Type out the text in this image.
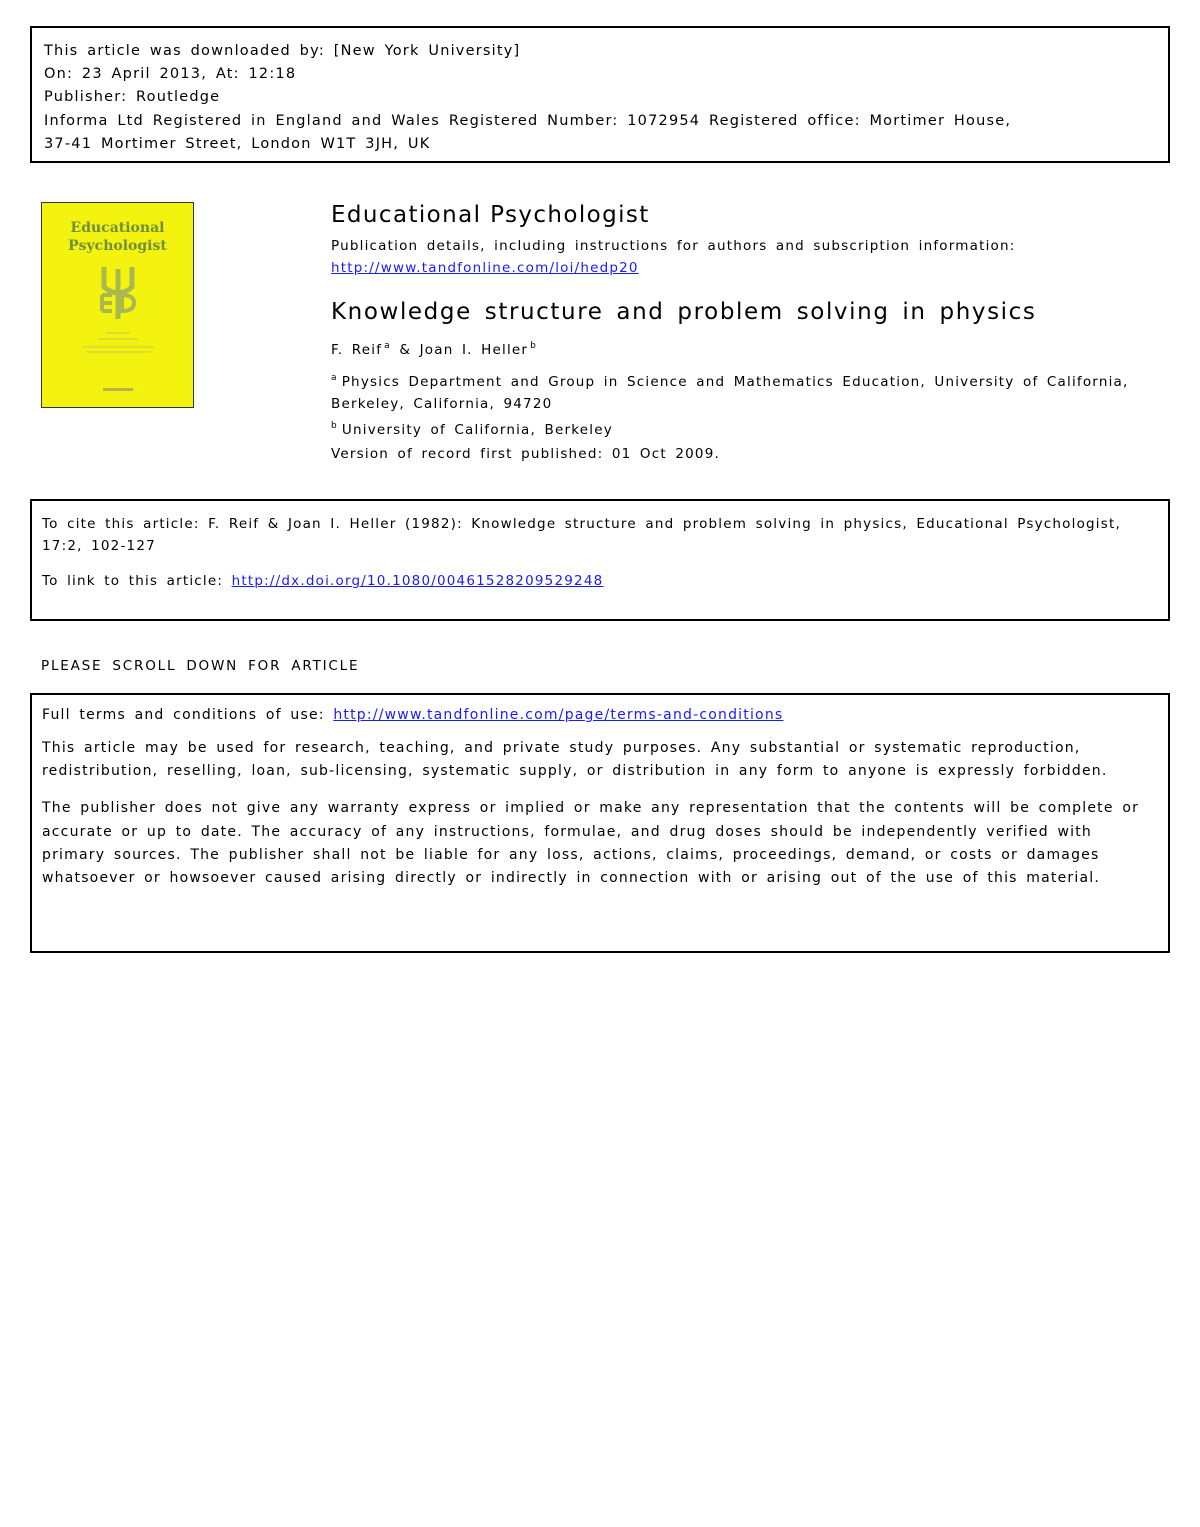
This article was downloaded by: [New York University]
On: 23 April 2013, At: 12:18
Publisher: Routledge
Informa Ltd Registered in England and Wales Registered Number: 1072954 Registered office: Mortimer House,
37-41 Mortimer Street, London W1T 3JH, UK
Educational
Psychologist
Educational Psychologist
Publication details, including instructions for authors and subscription information:
http://www.tandfonline.com/loi/hedp20
Knowledge structure and problem solving in physics
F. Reif $^a$ & Joan I. Heller $^b$
$^a$ Physics Department and Group in Science and Mathematics Education, University of California, Berkeley, California, 94720
$^b$ University of California, Berkeley
Version of record first published: 01 Oct 2009.
To cite this article: F. Reif & Joan I. Heller (1982): Knowledge structure and problem solving in physics, Educational Psychologist, 17:2, 102-127
To link to this article: http://dx.doi.org/10.1080/00461528209529248
PLEASE SCROLL DOWN FOR ARTICLE
Full terms and conditions of use: http://www.tandfonline.com/page/terms-and-conditions
This article may be used for research, teaching, and private study purposes. Any substantial or systematic reproduction, redistribution, reselling, loan, sub-licensing, systematic supply, or distribution in any form to anyone is expressly forbidden.
The publisher does not give any warranty express or implied or make any representation that the contents will be complete or accurate or up to date. The accuracy of any instructions, formulae, and drug doses should be independently verified with primary sources. The publisher shall not be liable for any loss, actions, claims, proceedings, demand, or costs or damages whatsoever or howsoever caused arising directly or indirectly in connection with or arising out of the use of this material.
